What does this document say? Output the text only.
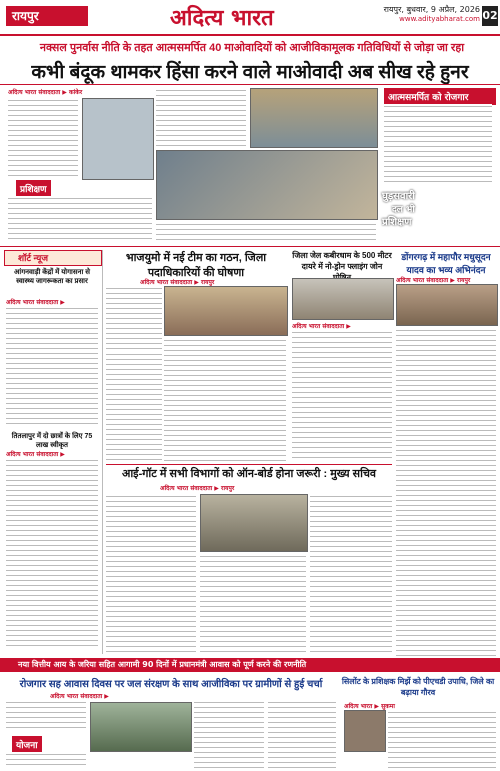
रायपुर	अदित्य भारत	रायपुर, बुधवार, 9 अप्रैल, 2026
www.adityabharat.com 02
नक्सल पुनर्वास नीति के तहत आत्मसमर्पित 40 माओवादियों को आजीविकामूलक गतिविधियों से जोड़ा जा रहा
कभी बंदूक थामकर हिंसा करने वाले माओवादी अब सीख रहे हुनर
अदित्य भारत संवाददाता ▶ कांकेर
प्रशिक्षण
घुड़सवारी
दल भी
प्रशिक्षण
आत्मसमर्पित को रोजगार
शॉर्ट न्यूज
आंगनवाड़ी केंद्रों में योगासना से स्वास्थ्य जागरूकता का प्रसार
अदित्य भारत संवाददाता ▶
तितलापुर में दो छात्रों के लिए 75 लाख स्वीकृत
अदित्य भारत संवाददाता ▶
भाजयुमो में नई टीम का गठन, जिला पदाधिकारियों की घोषणा
अदित्य भारत संवाददाता ▶ रायपुर
जिला जेल कबीरधाम के 500 मीटर दायरे में नो-ड्रोन फ्लाइंग जोन
अदित्य भारत संवाददाता ▶
डोंगरगढ़ में महापौर मधुसूदन यादव का भव्य अभिनंदन
अदित्य भारत संवाददाता ▶ रायपुर
आई-गॉट में सभी विभागों को ऑन-बोर्ड होना जरूरी : मुख्य सचिव
अदित्य भारत संवाददाता ▶ रायपुर
नया वित्तीय आय के जरिया सहित आगामी 90 दिनों में प्रधानमंत्री आवास को पूर्ण करने की रणनीति
रोजगार सह आवास दिवस पर जल संरक्षण के साथ आजीविका पर ग्रामीणों से हुई चर्चा
अदित्य भारत संवाददाता ▶
योजना
सिलोंट के प्रशिक्षक मिर्झे को पीएचडी उपाधि, जिले का बढ़ाया गौरव
अदित्य भारत ▶ सुकमा
